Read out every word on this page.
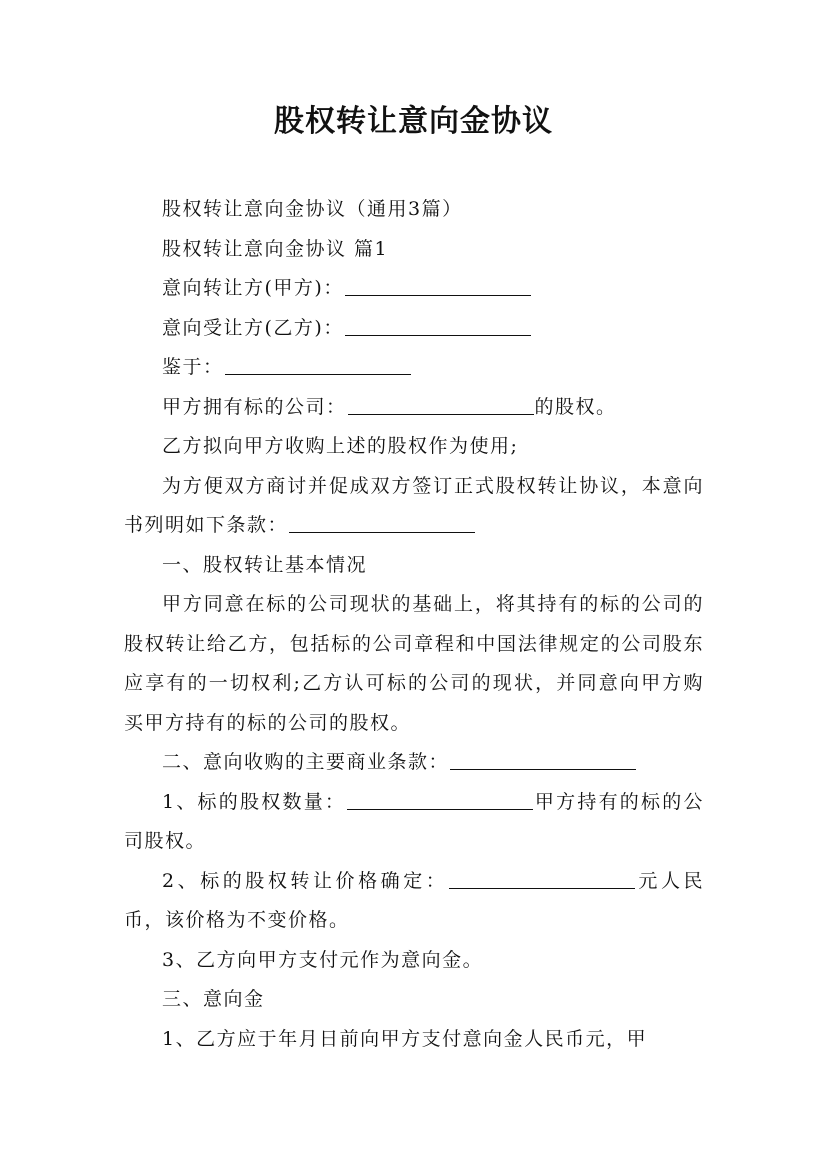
股权转让意向金协议

股权转让意向金协议（通用3篇）

股权转让意向金协议 篇1

意向转让方(甲方)：

意向受让方(乙方)：

鉴于：

甲方拥有标的公司：	的股权。

乙方拟向甲方收购上述的股权作为使用;

为方便双方商讨并促成双方签订正式股权转让协议，本意向书列明如下条款：

一、股权转让基本情况

甲方同意在标的公司现状的基础上，将其持有的标的公司的股权转让给乙方，包括标的公司章程和中国法律规定的公司股东应享有的一切权利;乙方认可标的公司的现状，并同意向甲方购买甲方持有的标的公司的股权。

二、意向收购的主要商业条款：

1、标的股权数量：	甲方持有的标的公司股权。

2、标的股权转让价格确定：	元人民币，该价格为不变价格。

3、乙方向甲方支付元作为意向金。

三、意向金

1、乙方应于年月日前向甲方支付意向金人民币元，甲
